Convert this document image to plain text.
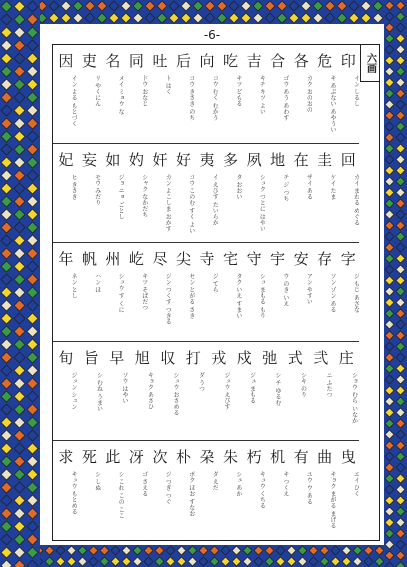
-6-
六画
印
イン しるし
危
キ あぶない あやうい
各
カク おのおの
合
ゴウ あう あわす
吉
キチ キツ よい
吃
キツ どもる
向
コウ むく むかう
后
コウ きさき のち
吐
ト はく
同
ドウ おなじ
名
メイ ミョウ な
吏
リ やくにん
因
イン よる もとづく
回
カイ まわる めぐる
圭
ケイ たま
在
ザイ ある
地
チ ジ つち
夙
シュク つとに はやい
多
タ おおい
夷
イ えびす たいらか
好
コウ このむ すく よい
奸
カン よこしま おかす
妁
シャク なかだち
如
ジョ ニョ ごとし
妄
モウ みだり
妃
ヒ きさき
字
ジ もじ あざな
存
ソン ゾン ある
安
アン やすい
宇
ウ のき いえ
守
シュ まもる もり
宅
タク いえ すまい
寺
ジ てら
尖
セン とがる さき
尽
ジン つくす つきる
屹
キツ そばだつ
州
シュウ す くに
帆
ハン ほ
年
ネン とし
庄
ショウ むら いなか
弐
ニ ふたつ
式
シキ のり
弛
シ チ ゆるむ
戍
ジュ まもる
戎
ジュウ えびす
打
ダ うつ
収
シュウ おさめる
旭
キョク あさひ
早
ソウ はやい
旨
シ むね うまい
旬
ジュン シュン
曳
エイ ひく
曲
キョク まがる まげる
有
ユウ ウ ある
机
キ つくえ
朽
キュウ くちる
朱
シュ あか
朶
ダ えだ
朴
ボク ほお すなお
次
ジ つぎ つぐ
冴
ゴ さえる
此
シ これ この ここ
死
シ しぬ
求
キュウ もとめる
